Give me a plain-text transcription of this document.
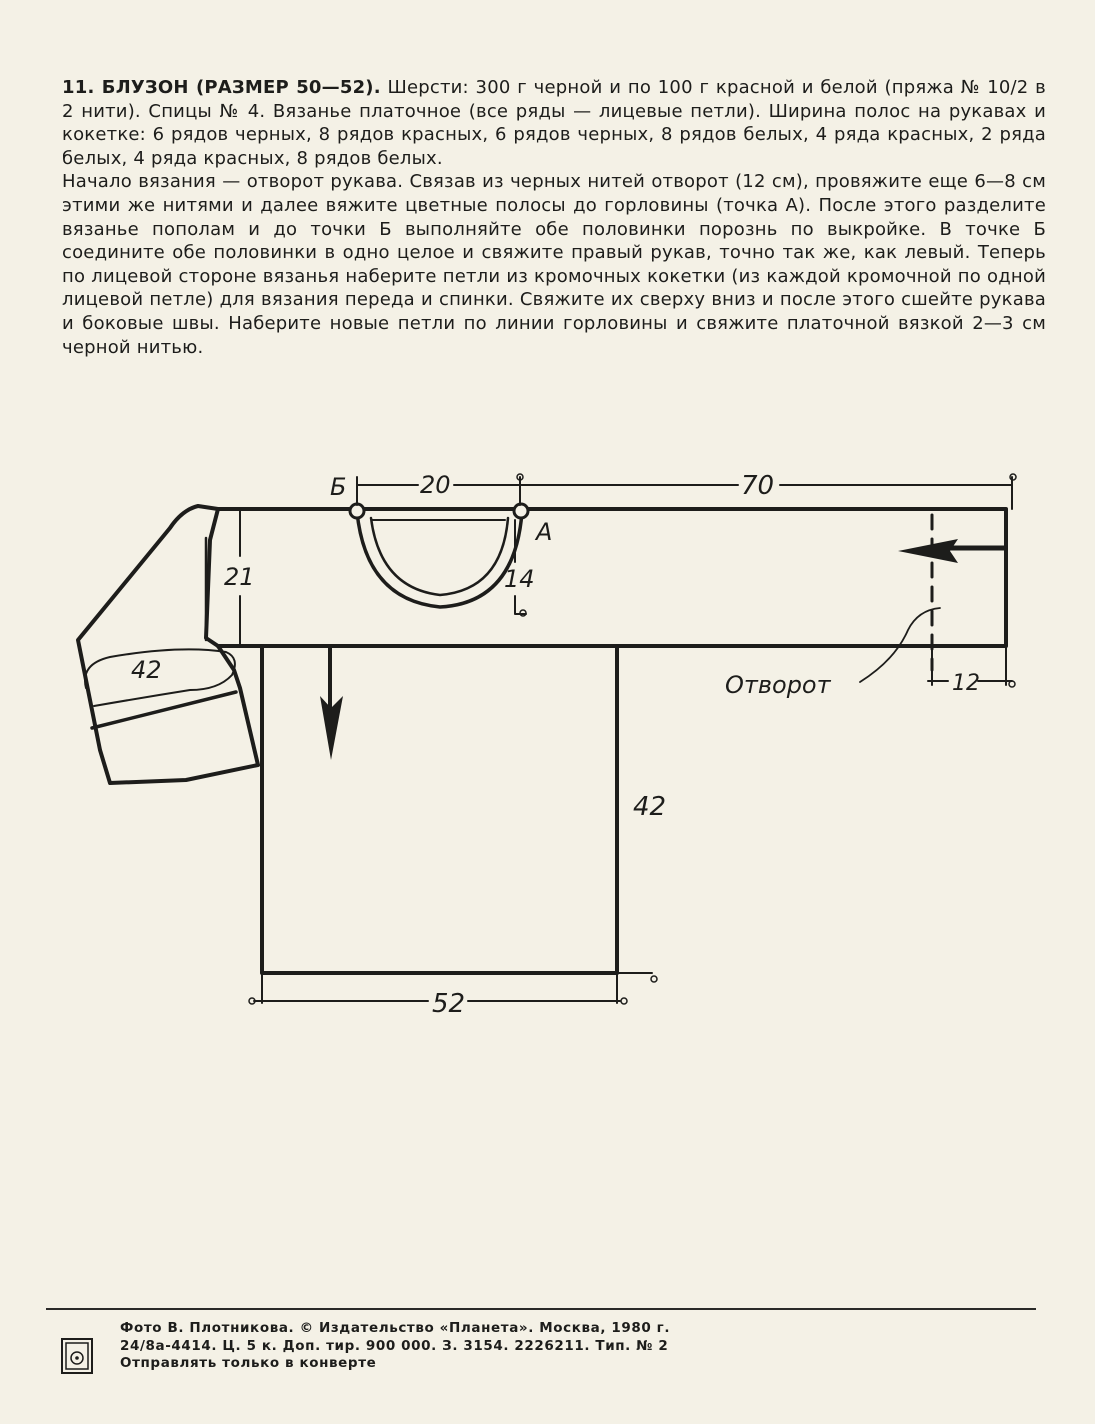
11. БЛУЗОН (РАЗМЕР 50—52). Шерсти: 300 г черной и по 100 г красной и белой (пряжа № 10/2 в 2 нити). Спицы № 4. Вязанье платочное (все ряды — лицевые петли). Ширина полос на рукавах и кокетке: 6 рядов черных, 8 рядов красных, 6 рядов черных, 8 рядов белых, 4 ряда красных, 2 ряда белых, 4 ряда красных, 8 рядов белых.

Начало вязания — отворот рукава. Связав из черных нитей отворот (12 см), провяжите еще 6—8 см этими же нитями и далее вяжите цветные полосы до горловины (точка А). После этого разделите вязанье пополам и до точки Б выполняйте обе половинки порознь по выкройке. В точке Б соедините обе половинки в одно целое и свяжите правый рукав, точно так же, как левый. Теперь по лицевой стороне вязанья наберите петли из кромочных кокетки (из каждой кромочной по одной лицевой петле) для вязания переда и спинки. Свяжите их сверху вниз и после этого сшейте рукава и боковые швы. Наберите новые петли по линии горловины и свяжите платочной вязкой 2—3 см черной нитью.

Б
А
20	70
21	14
42
42
52
Отворот	12
Фото В. Плотникова. © Издательство «Планета». Москва, 1980 г.
24/8а-4414. Ц. 5 к. Доп. тир. 900 000. З. 3154. 2226211. Тип. № 2
Отправлять только в конверте
